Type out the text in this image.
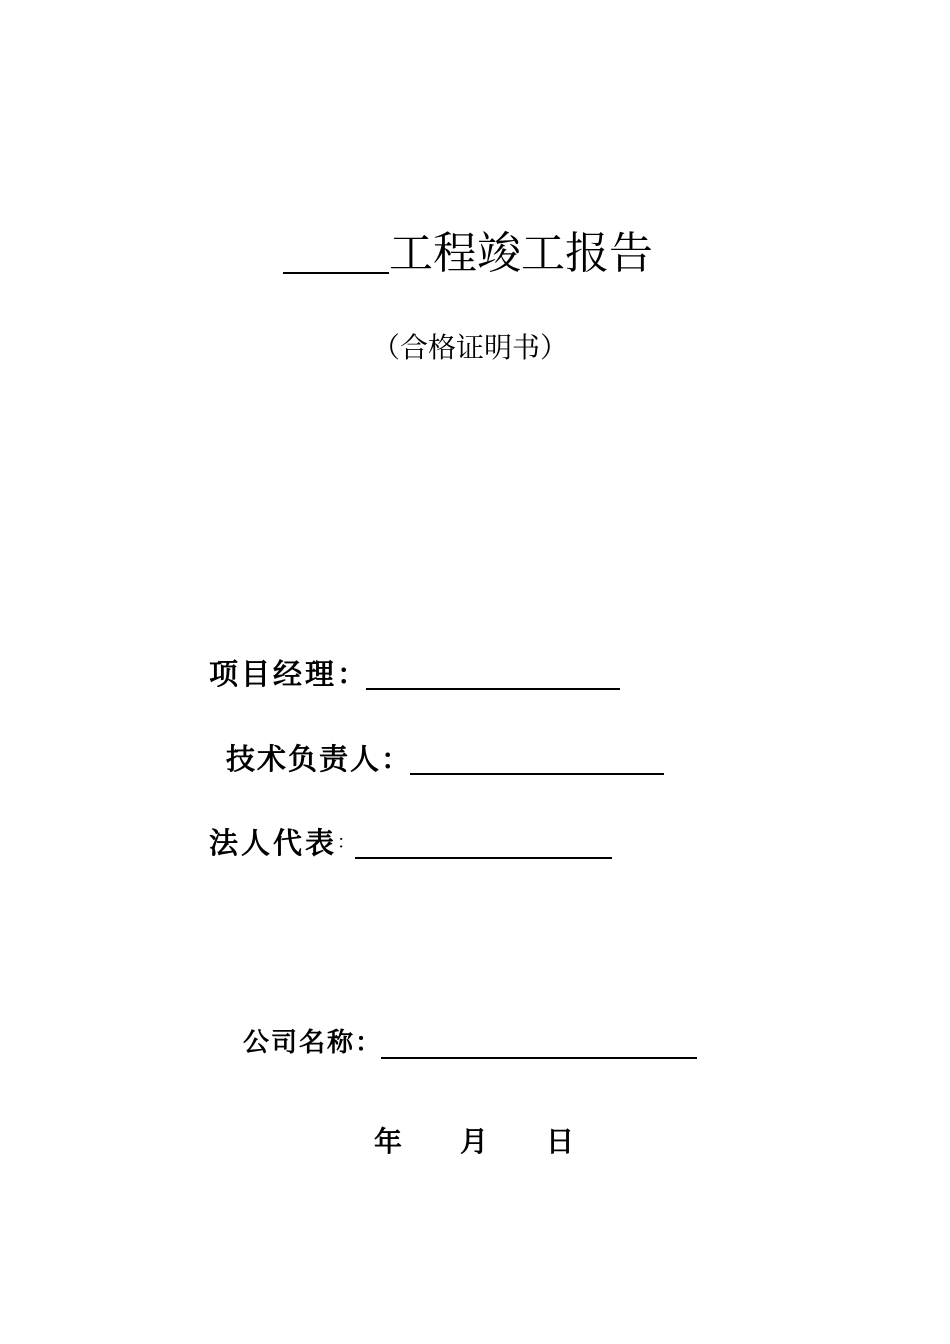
工程竣工报告
（合格证明书）
项目经理 ：
技术负责人 ：
法人代表 ：
公司名称 ：
年 月 日
